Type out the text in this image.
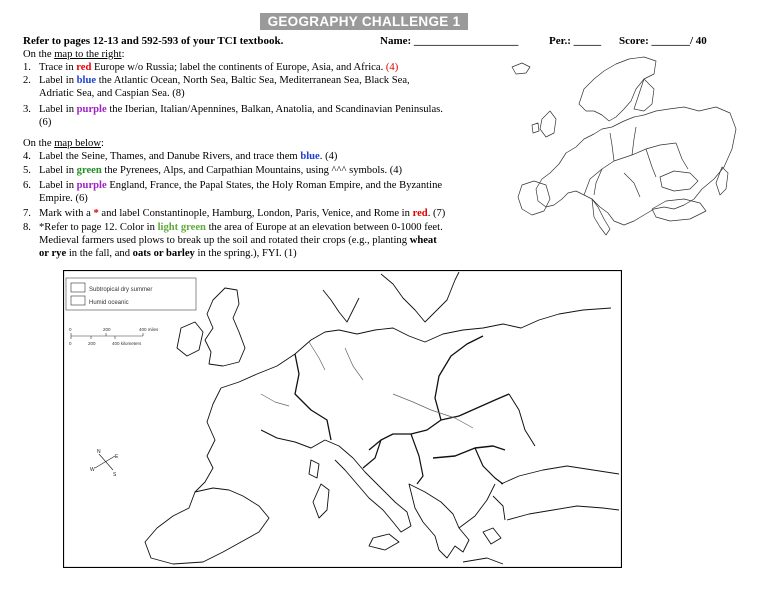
GEOGRAPHY CHALLENGE 1
Refer to pages 12-13 and 592-593 of your TCI textbook.	Name: ___________________	Per.: _____ Score: _______/ 40
On the map to the right:
1. Trace in red Europe w/o Russia; label the continents of Europe, Asia, and Africa. (4)
2. Label in blue the Atlantic Ocean, North Sea, Baltic Sea, Mediterranean Sea, Black Sea,
Adriatic Sea, and Caspian Sea. (8)
3. Label in purple the Iberian, Italian/Apennines, Balkan, Anatolia, and Scandinavian Peninsulas.
(6)
On the map below:
4. Label the Seine, Thames, and Danube Rivers, and trace them blue. (4)
5. Label in green the Pyrenees, Alps, and Carpathian Mountains, using ^^^ symbols. (4)
6. Label in purple England, France, the Papal States, the Holy Roman Empire, and the Byzantine
Empire. (6)
7. Mark with a * and label Constantinople, Hamburg, London, Paris, Venice, and Rome in red. (7)
8. *Refer to page 12. Color in light green the area of Europe at an elevation between 0-1000 feet.
Medieval farmers used plows to break up the soil and rotated their crops (e.g., planting wheat
or rye in the fall, and oats or barley in the spring.), FYI. (1)
Subtropical dry summer
Humid oceanic
0	200	400 miles
0	200	400 kilometers
N
S
E
W
